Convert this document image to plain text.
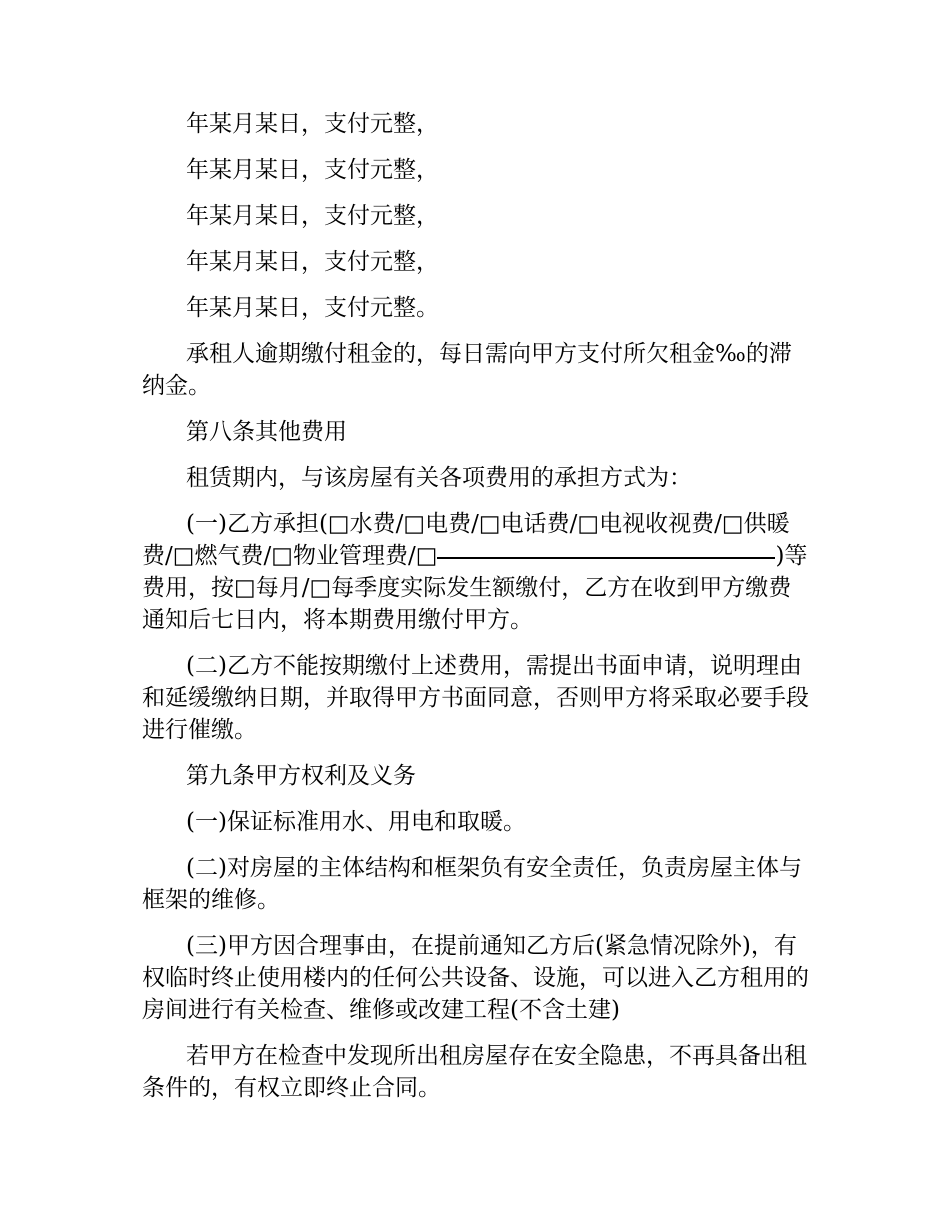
年某月某日，支付元整，

年某月某日，支付元整，

年某月某日，支付元整，

年某月某日，支付元整，

年某月某日，支付元整。

承租人逾期缴付租金的，每日需向甲方支付所欠租金‰的滞纳金。

第八条其他费用

租赁期内，与该房屋有关各项费用的承担方式为：

(一)乙方承担(□水费/□电费/□电话费/□电视收视费/□供暖费/□燃气费/□物业管理费/□	)等费用，按□每月/□每季度实际发生额缴付，乙方在收到甲方缴费通知后七日内，将本期费用缴付甲方。

(二)乙方不能按期缴付上述费用，需提出书面申请，说明理由和延缓缴纳日期，并取得甲方书面同意，否则甲方将采取必要手段进行催缴。

第九条甲方权利及义务

(一)保证标准用水、用电和取暖。

(二)对房屋的主体结构和框架负有安全责任，负责房屋主体与框架的维修。

(三)甲方因合理事由，在提前通知乙方后(紧急情况除外)，有权临时终止使用楼内的任何公共设备、设施，可以进入乙方租用的房间进行有关检查、维修或改建工程(不含土建)

若甲方在检查中发现所出租房屋存在安全隐患，不再具备出租条件的，有权立即终止合同。
